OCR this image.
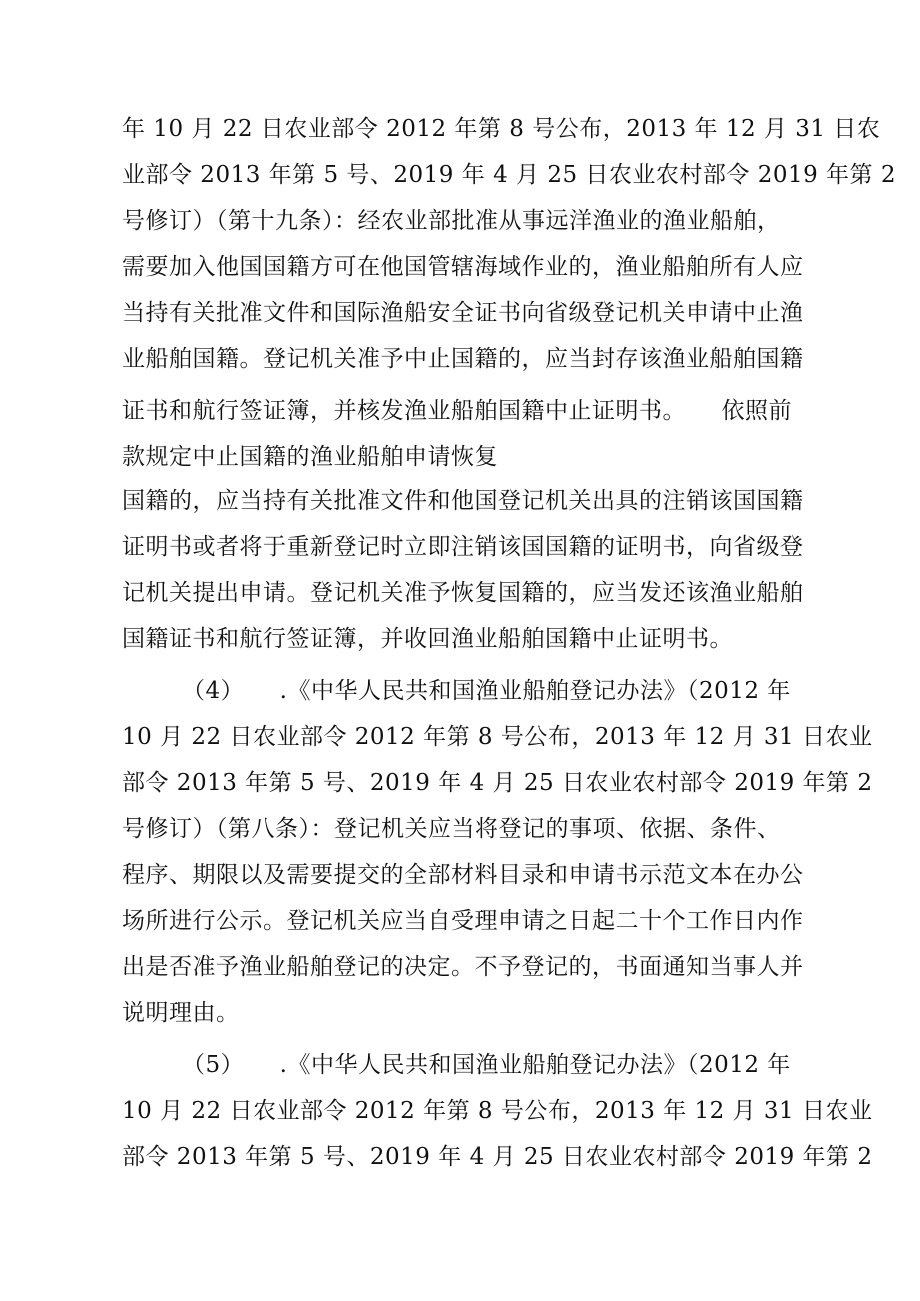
年 10 月 22 日农业部令 2012 年第 8 号公布，2013 年 12 月 31 日农
业部令 2013 年第 5 号、2019 年 4 月 25 日农业农村部令 2019 年第 2
号修订）（第十九条）：经农业部批准从事远洋渔业的渔业船舶，
需要加入他国国籍方可在他国管辖海域作业的，渔业船舶所有人应
当持有关批准文件和国际渔船安全证书向省级登记机关申请中止渔
业船舶国籍。登记机关准予中止国籍的，应当封存该渔业船舶国籍
证书和航行签证簿，并核发渔业船舶国籍中止证明书。　　依照前
款规定中止国籍的渔业船舶申请恢复
国籍的，应当持有关批准文件和他国登记机关出具的注销该国国籍
证明书或者将于重新登记时立即注销该国国籍的证明书，向省级登
记机关提出申请。登记机关准予恢复国籍的，应当发还该渔业船舶
国籍证书和航行签证簿，并收回渔业船舶国籍中止证明书。
（4）　　.《中华人民共和国渔业船舶登记办法》（2012 年
10 月 22 日农业部令 2012 年第 8 号公布，2013 年 12 月 31 日农业
部令 2013 年第 5 号、2019 年 4 月 25 日农业农村部令 2019 年第 2
号修订）（第八条）：登记机关应当将登记的事项、依据、条件、
程序、期限以及需要提交的全部材料目录和申请书示范文本在办公
场所进行公示。登记机关应当自受理申请之日起二十个工作日内作
出是否准予渔业船舶登记的决定。不予登记的，书面通知当事人并
说明理由。
（5）　　.《中华人民共和国渔业船舶登记办法》（2012 年
10 月 22 日农业部令 2012 年第 8 号公布，2013 年 12 月 31 日农业
部令 2013 年第 5 号、2019 年 4 月 25 日农业农村部令 2019 年第 2
